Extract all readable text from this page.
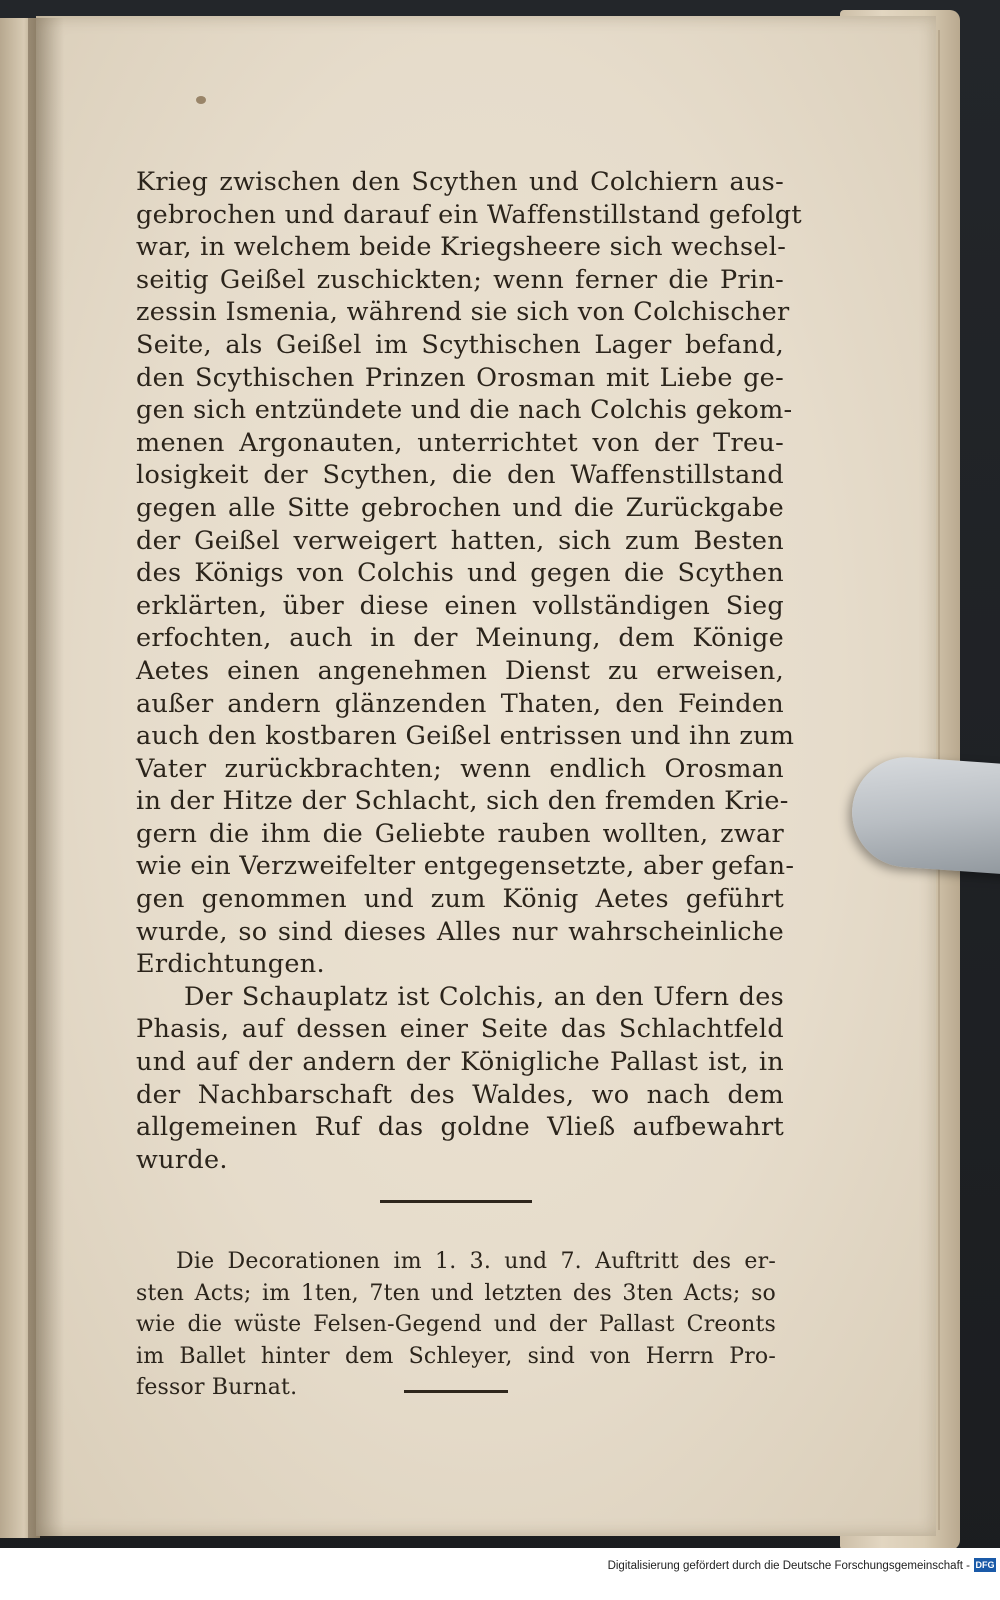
Krieg zwischen den Scythen und Colchiern aus-
gebrochen und darauf ein Waffenstillstand gefolgt
war, in welchem beide Kriegsheere sich wechsel-
seitig Geißel zuschickten; wenn ferner die Prin-
zessin Ismenia, während sie sich von Colchischer
Seite, als Geißel im Scythischen Lager befand,
den Scythischen Prinzen Orosman mit Liebe ge-
gen sich entzündete und die nach Colchis gekom-
menen Argonauten, unterrichtet von der Treu-
losigkeit der Scythen, die den Waffenstillstand
gegen alle Sitte gebrochen und die Zurückgabe
der Geißel verweigert hatten, sich zum Besten
des Königs von Colchis und gegen die Scythen
erklärten, über diese einen vollständigen Sieg
erfochten, auch in der Meinung, dem Könige
Aetes einen angenehmen Dienst zu erweisen,
außer andern glänzenden Thaten, den Feinden
auch den kostbaren Geißel entrissen und ihn zum
Vater zurückbrachten; wenn endlich Orosman
in der Hitze der Schlacht, sich den fremden Krie-
gern die ihm die Geliebte rauben wollten, zwar
wie ein Verzweifelter entgegensetzte, aber gefan-
gen genommen und zum König Aetes geführt
wurde, so sind dieses Alles nur wahrscheinliche
Erdichtungen.
Der Schauplatz ist Colchis, an den Ufern des
Phasis, auf dessen einer Seite das Schlachtfeld
und auf der andern der Königliche Pallast ist, in
der Nachbarschaft des Waldes, wo nach dem
allgemeinen Ruf das goldne Vließ aufbewahrt
wurde.
Die Decorationen im 1. 3. und 7. Auftritt des er-
sten Acts; im 1ten, 7ten und letzten des 3ten Acts; so
wie die wüste Felsen-Gegend und der Pallast Creonts
im Ballet hinter dem Schleyer, sind von Herrn Pro-
fessor Burnat.
Digitalisierung gefördert durch die Deutsche Forschungsgemeinschaft - DFG
